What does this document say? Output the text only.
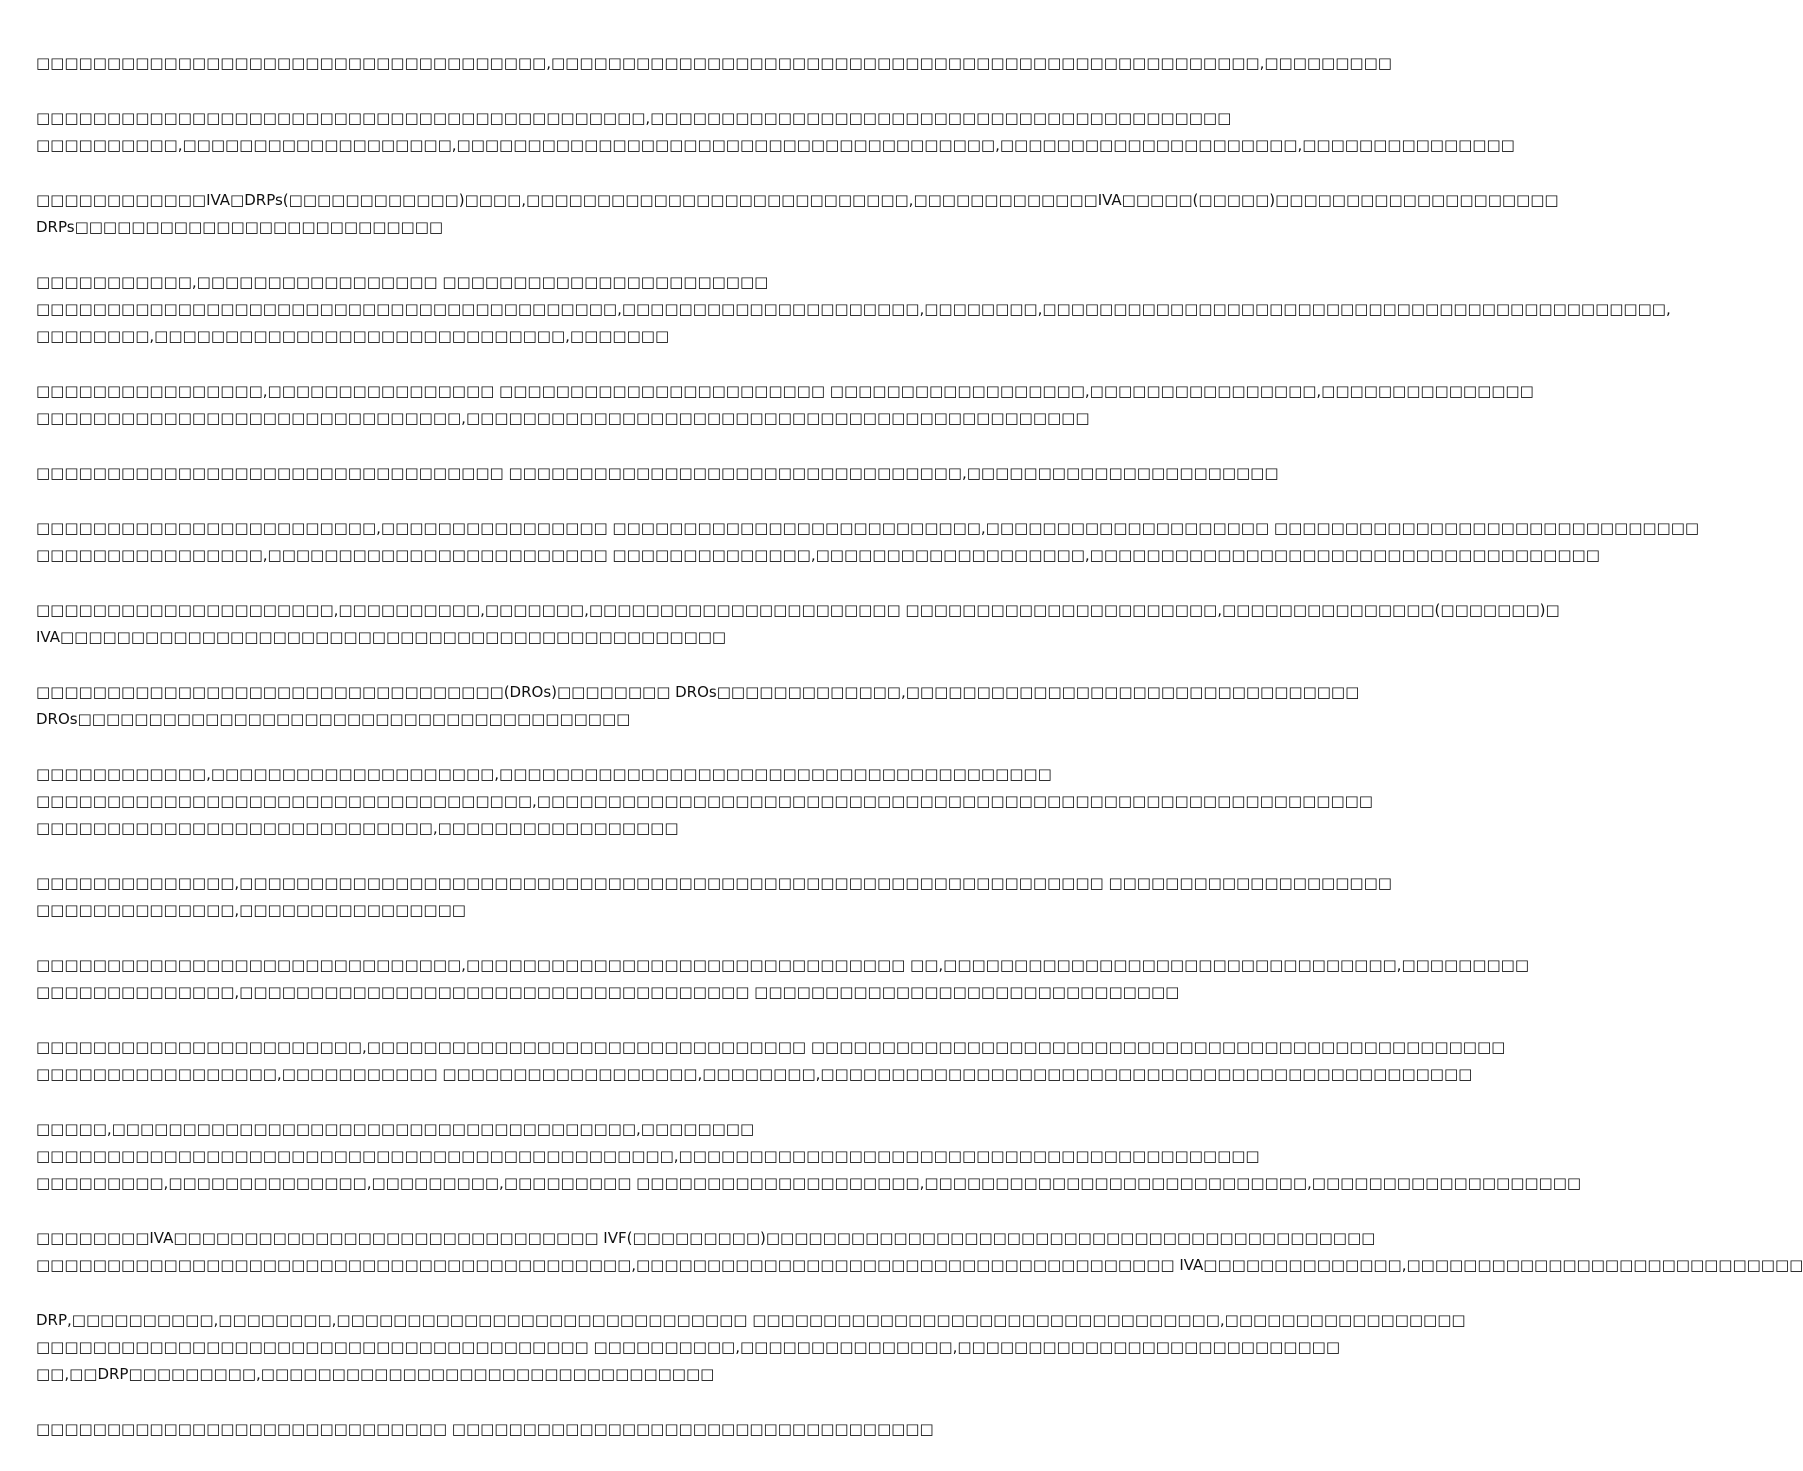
□□□□□□□□□□□□□□□□□□□□□□□□□□□□□□□□□□□□,□□□□□□□□□□□□□□□□□□□□□□□□□□□□□□□□□□□□□□□□□□□□□□□□□□,□□□□□□□□□

□□□□□□□□□□□□□□□□□□□□□□□□□□□□□□□□□□□□□□□□□□□,□□□□□□□□□□□□□□□□□□□□□□□□□□□□□□□□□□□□□□□□□
□□□□□□□□□□,□□□□□□□□□□□□□□□□□□□,□□□□□□□□□□□□□□□□□□□□□□□□□□□□□□□□□□□□□□,□□□□□□□□□□□□□□□□□□□□□,□□□□□□□□□□□□□□□

□□□□□□□□□□□□IVA□DRPs(□□□□□□□□□□□□)□□□□,□□□□□□□□□□□□□□□□□□□□□□□□□□□,□□□□□□□□□□□□□IVA□□□□□(□□□□□)□□□□□□□□□□□□□□□□□□□□
DRPs□□□□□□□□□□□□□□□□□□□□□□□□□□

□□□□□□□□□□□,□□□□□□□□□□□□□□□□□ □□□□□□□□□□□□□□□□□□□□□□□
□□□□□□□□□□□□□□□□□□□□□□□□□□□□□□□□□□□□□□□□□,□□□□□□□□□□□□□□□□□□□□□,□□□□□□□□,□□□□□□□□□□□□□□□□□□□□□□□□□□□□□□□□□□□□□□□□□□□□,
□□□□□□□□,□□□□□□□□□□□□□□□□□□□□□□□□□□□□□,□□□□□□□

□□□□□□□□□□□□□□□□,□□□□□□□□□□□□□□□□ □□□□□□□□□□□□□□□□□□□□□□□ □□□□□□□□□□□□□□□□□□,□□□□□□□□□□□□□□□□,□□□□□□□□□□□□□□□
□□□□□□□□□□□□□□□□□□□□□□□□□□□□□□,□□□□□□□□□□□□□□□□□□□□□□□□□□□□□□□□□□□□□□□□□□□□

□□□□□□□□□□□□□□□□□□□□□□□□□□□□□□□□□ □□□□□□□□□□□□□□□□□□□□□□□□□□□□□□□□,□□□□□□□□□□□□□□□□□□□□□□

□□□□□□□□□□□□□□□□□□□□□□□□,□□□□□□□□□□□□□□□□ □□□□□□□□□□□□□□□□□□□□□□□□□□,□□□□□□□□□□□□□□□□□□□□ □□□□□□□□□□□□□□□□□□□□□□□□□□□□□□
□□□□□□□□□□□□□□□□,□□□□□□□□□□□□□□□□□□□□□□□□ □□□□□□□□□□□□□□,□□□□□□□□□□□□□□□□□□□,□□□□□□□□□□□□□□□□□□□□□□□□□□□□□□□□□□□□

□□□□□□□□□□□□□□□□□□□□□,□□□□□□□□□□,□□□□□□□,□□□□□□□□□□□□□□□□□□□□□□ □□□□□□□□□□□□□□□□□□□□□□,□□□□□□□□□□□□□□□(□□□□□□□)□
IVA□□□□□□□□□□□□□□□□□□□□□□□□□□□□□□□□□□□□□□□□□□□□□□□

□□□□□□□□□□□□□□□□□□□□□□□□□□□□□□□□□(DROs)□□□□□□□□ DROs□□□□□□□□□□□□□,□□□□□□□□□□□□□□□□□□□□□□□□□□□□□□□□
DROs□□□□□□□□□□□□□□□□□□□□□□□□□□□□□□□□□□□□□□□

□□□□□□□□□□□□,□□□□□□□□□□□□□□□□□□□□,□□□□□□□□□□□□□□□□□□□□□□□□□□□□□□□□□□□□□□□
□□□□□□□□□□□□□□□□□□□□□□□□□□□□□□□□□□□,□□□□□□□□□□□□□□□□□□□□□□□□□□□□□□□□□□□□□□□□□□□□□□□□□□□□□□□□□□□
□□□□□□□□□□□□□□□□□□□□□□□□□□□□,□□□□□□□□□□□□□□□□□

□□□□□□□□□□□□□□,□□□□□□□□□□□□□□□□□□□□□□□□□□□□□□□□□□□□□□□□□□□□□□□□□□□□□□□□□□□□□ □□□□□□□□□□□□□□□□□□□□
□□□□□□□□□□□□□□,□□□□□□□□□□□□□□□□

□□□□□□□□□□□□□□□□□□□□□□□□□□□□□□,□□□□□□□□□□□□□□□□□□□□□□□□□□□□□□□ □□,□□□□□□□□□□□□□□□□□□□□□□□□□□□□□□□□,□□□□□□□□□
□□□□□□□□□□□□□□,□□□□□□□□□□□□□□□□□□□□□□□□□□□□□□□□□□□□ □□□□□□□□□□□□□□□□□□□□□□□□□□□□□□

□□□□□□□□□□□□□□□□□□□□□□□,□□□□□□□□□□□□□□□□□□□□□□□□□□□□□□□ □□□□□□□□□□□□□□□□□□□□□□□□□□□□□□□□□□□□□□□□□□□□□□□□□
□□□□□□□□□□□□□□□□□,□□□□□□□□□□□ □□□□□□□□□□□□□□□□□□,□□□□□□□□,□□□□□□□□□□□□□□□□□□□□□□□□□□□□□□□□□□□□□□□□□□□□□□

□□□□□,□□□□□□□□□□□□□□□□□□□□□□□□□□□□□□□□□□□□□,□□□□□□□□
□□□□□□□□□□□□□□□□□□□□□□□□□□□□□□□□□□□□□□□□□□□□□,□□□□□□□□□□□□□□□□□□□□□□□□□□□□□□□□□□□□□□□□□
□□□□□□□□□,□□□□□□□□□□□□□□,□□□□□□□□□,□□□□□□□□□ □□□□□□□□□□□□□□□□□□□□,□□□□□□□□□□□□□□□□□□□□□□□□□□□,□□□□□□□□□□□□□□□□□□□

□□□□□□□□IVA□□□□□□□□□□□□□□□□□□□□□□□□□□□□□□ IVF(□□□□□□□□□)□□□□□□□□□□□□□□□□□□□□□□□□□□□□□□□□□□□□□□□□□□□
□□□□□□□□□□□□□□□□□□□□□□□□□□□□□□□□□□□□□□□□□□,□□□□□□□□□□□□□□□□□□□□□□□□□□□□□□□□□□□□□□ IVA□□□□□□□□□□□□□□,□□□□□□□□□□□□□□□□□□□□□□□□□□□□

DRP,□□□□□□□□□□,□□□□□□□□,□□□□□□□□□□□□□□□□□□□□□□□□□□□□□ □□□□□□□□□□□□□□□□□□□□□□□□□□□□□□□□□,□□□□□□□□□□□□□□□□□
□□□□□□□□□□□□□□□□□□□□□□□□□□□□□□□□□□□□□□□ □□□□□□□□□□,□□□□□□□□□□□□□□□,□□□□□□□□□□□□□□□□□□□□□□□□□□□
□□,□□DRP□□□□□□□□□,□□□□□□□□□□□□□□□□□□□□□□□□□□□□□□□□

□□□□□□□□□□□□□□□□□□□□□□□□□□□□□ □□□□□□□□□□□□□□□□□□□□□□□□□□□□□□□□□□
